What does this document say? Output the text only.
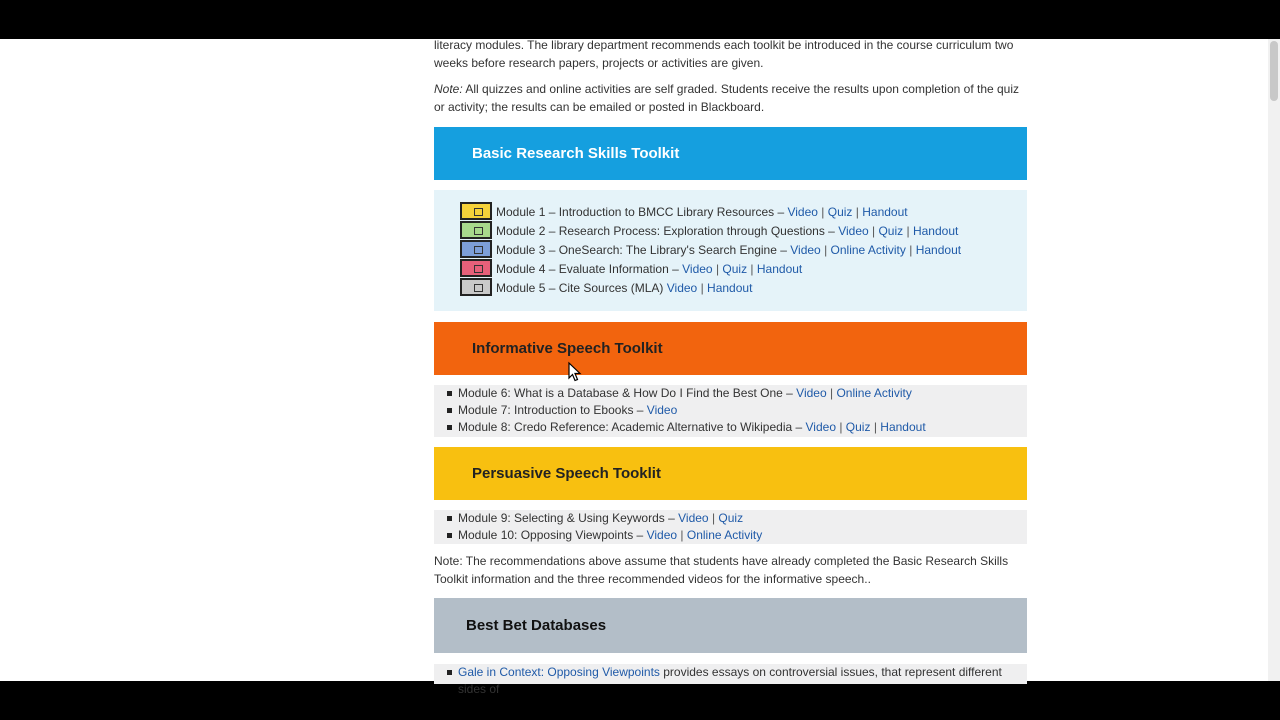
literacy modules. The library department recommends each toolkit be introduced in the course curriculum two weeks before research papers, projects or activities are given.

Note: All quizzes and online activities are self graded. Students receive the results upon completion of the quiz or activity; the results can be emailed or posted in Blackboard.

Basic Research Skills Toolkit
Module 1 – Introduction to BMCC Library Resources – Video | Quiz | Handout
Module 2 – Research Process: Exploration through Questions – Video | Quiz | Handout
Module 3 – OneSearch: The Library's Search Engine – Video | Online Activity | Handout
Module 4 – Evaluate Information – Video | Quiz | Handout
Module 5 – Cite Sources (MLA) Video | Handout
Informative Speech Toolkit
Module 6: What is a Database & How Do I Find the Best One – Video | Online Activity
Module 7: Introduction to Ebooks – Video
Module 8: Credo Reference: Academic Alternative to Wikipedia – Video | Quiz | Handout
Persuasive Speech Tooklit
Module 9: Selecting & Using Keywords – Video | Quiz
Module 10: Opposing Viewpoints – Video | Online Activity

Note: The recommendations above assume that students have already completed the Basic Research Skills Toolkit information and the three recommended videos for the informative speech..

Best Bet Databases
Gale in Context: Opposing Viewpoints provides essays on controversial issues, that represent different sides of
